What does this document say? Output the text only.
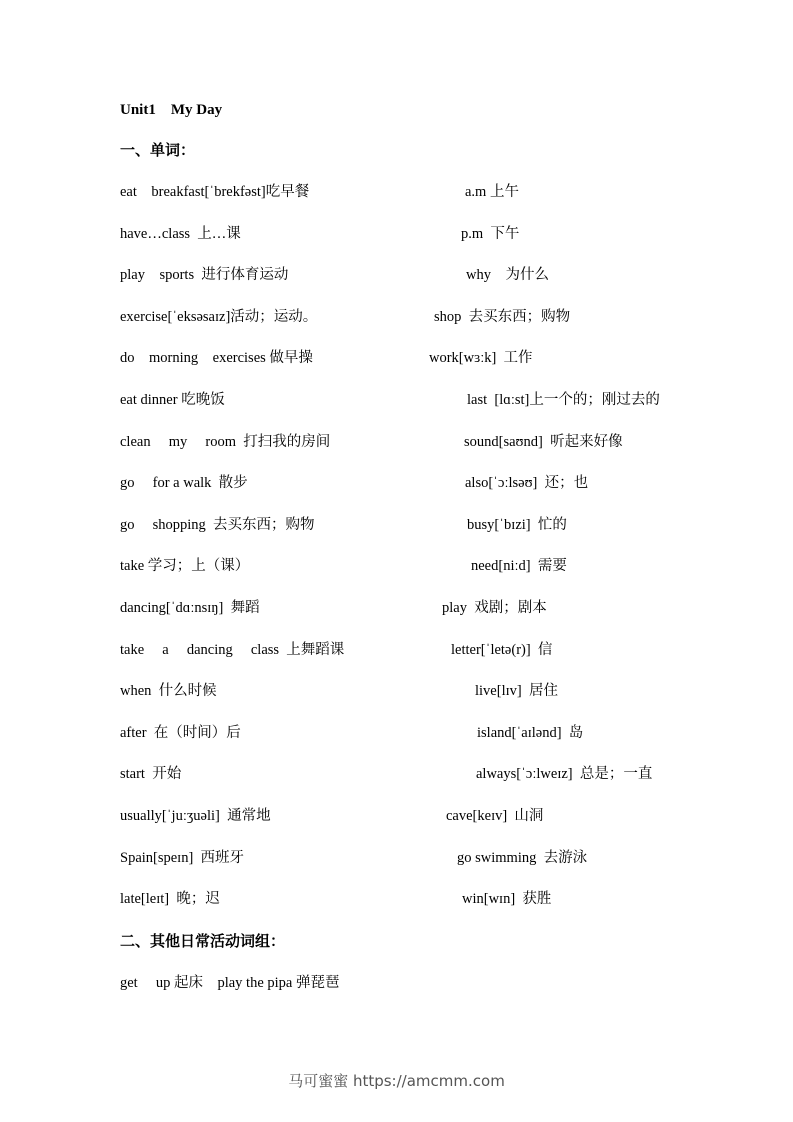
Unit1    My Day
一、单词：
eat    breakfast[ˈbrekfəst]吃早餐	a.m 上午
have…class  上…课	p.m  下午
play    sports  进行体育运动	why    为什么
exercise[ˈeksəsaɪz]活动；运动。	shop  去买东西；购物
do    morning    exercises 做早操	work[wɜːk]  工作
eat dinner 吃晚饭	last  [lɑːst]上一个的；刚过去的
clean     my     room  打扫我的房间	sound[saʊnd]  听起来好像
go     for a walk  散步	also[ˈɔːlsəʊ]  还；也
go     shopping  去买东西；购物	busy[ˈbɪzi]  忙的
take 学习；上（课）	need[niːd]  需要
dancing[ˈdɑːnsɪŋ]  舞蹈	play  戏剧；剧本
take     a     dancing     class  上舞蹈课	letter[ˈletə(r)]  信
when  什么时候	live[lɪv]  居住
after  在（时间）后	island[ˈaɪlənd]  岛
start  开始	always[ˈɔːlweɪz]  总是；一直
usually[ˈjuːʒuəli]  通常地	cave[keɪv]  山洞
Spain[speɪn]  西班牙	go swimming  去游泳
late[leɪt]  晚；迟	win[wɪn]  获胜
二、其他日常活动词组：
get     up 起床    play the pipa 弹琵琶
马可蜜蜜 https://amcmm.com
